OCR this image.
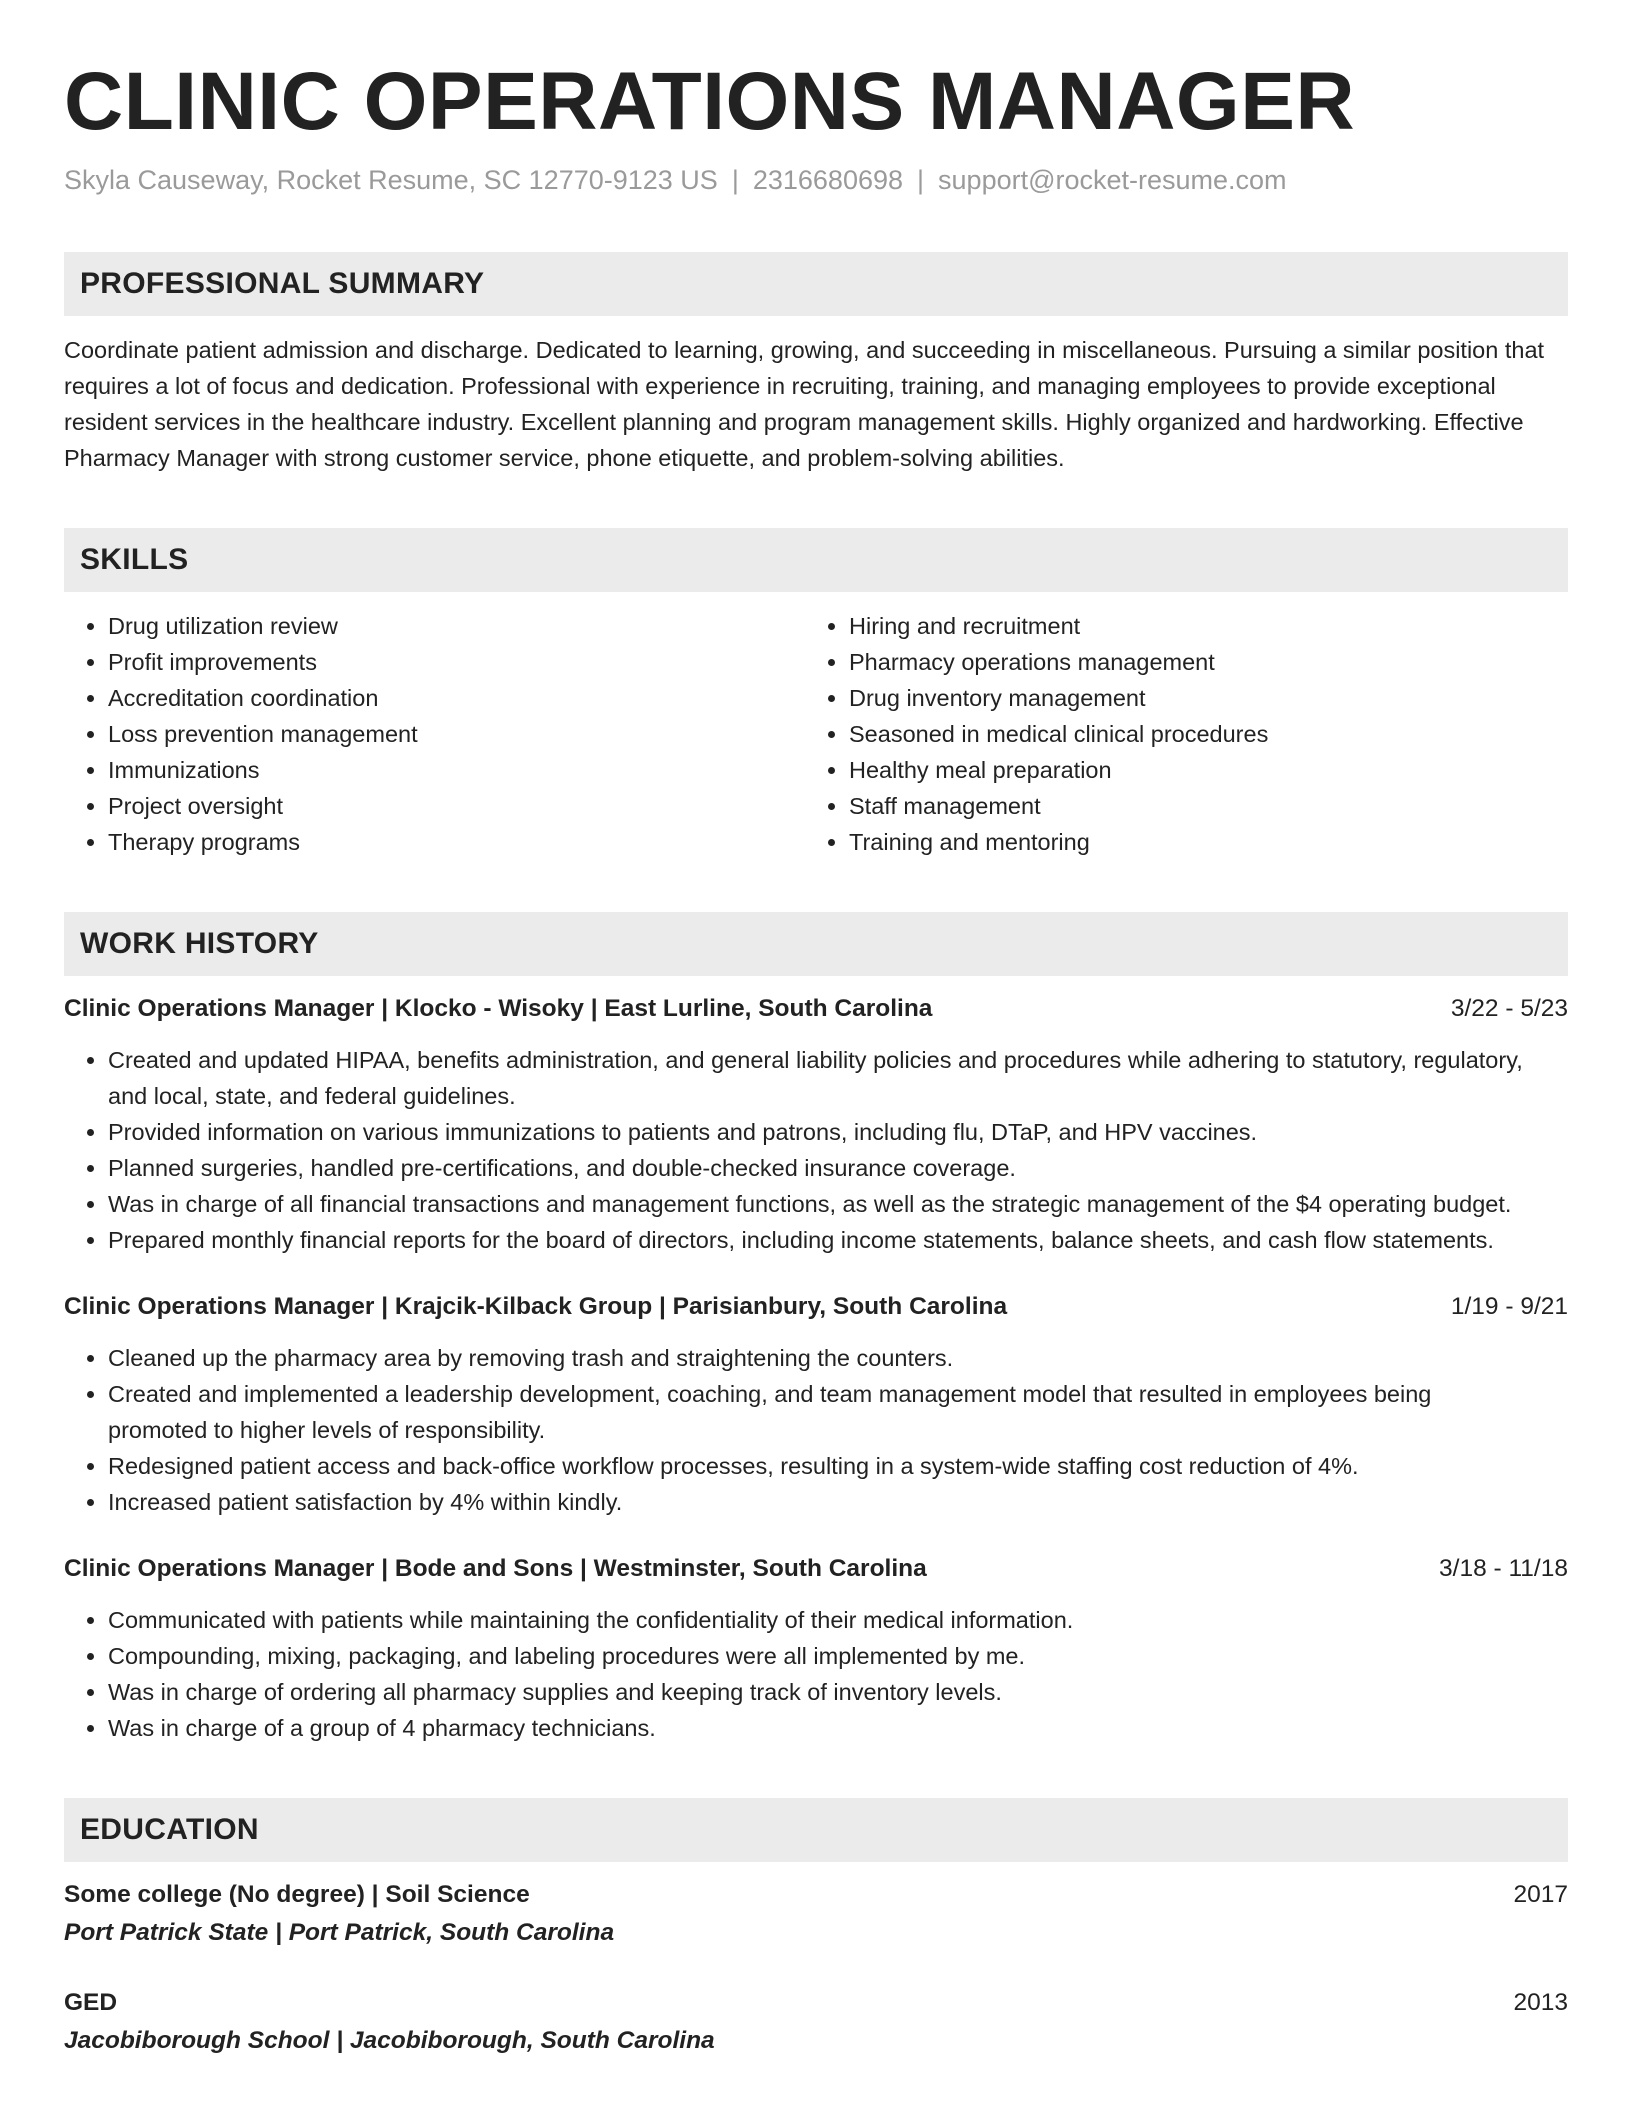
CLINIC OPERATIONS MANAGER
Skyla Causeway, Rocket Resume, SC 12770-9123 US | 2316680698 | support@rocket-resume.com
PROFESSIONAL SUMMARY
Coordinate patient admission and discharge. Dedicated to learning, growing, and succeeding in miscellaneous. Pursuing a similar position that requires a lot of focus and dedication. Professional with experience in recruiting, training, and managing employees to provide exceptional resident services in the healthcare industry. Excellent planning and program management skills. Highly organized and hardworking. Effective Pharmacy Manager with strong customer service, phone etiquette, and problem-solving abilities.
SKILLS
• Drug utilization review
• Profit improvements
• Accreditation coordination
• Loss prevention management
• Immunizations
• Project oversight
• Therapy programs
• Hiring and recruitment
• Pharmacy operations management
• Drug inventory management
• Seasoned in medical clinical procedures
• Healthy meal preparation
• Staff management
• Training and mentoring
WORK HISTORY
Clinic Operations Manager | Klocko - Wisoky | East Lurline, South Carolina	3/22 - 5/23
• Created and updated HIPAA, benefits administration, and general liability policies and procedures while adhering to statutory, regulatory, and local, state, and federal guidelines.
• Provided information on various immunizations to patients and patrons, including flu, DTaP, and HPV vaccines.
• Planned surgeries, handled pre-certifications, and double-checked insurance coverage.
• Was in charge of all financial transactions and management functions, as well as the strategic management of the $4 operating budget.
• Prepared monthly financial reports for the board of directors, including income statements, balance sheets, and cash flow statements.
Clinic Operations Manager | Krajcik-Kilback Group | Parisianbury, South Carolina	1/19 - 9/21
• Cleaned up the pharmacy area by removing trash and straightening the counters.
• Created and implemented a leadership development, coaching, and team management model that resulted in employees being promoted to higher levels of responsibility.
• Redesigned patient access and back-office workflow processes, resulting in a system-wide staffing cost reduction of 4%.
• Increased patient satisfaction by 4% within kindly.
Clinic Operations Manager | Bode and Sons | Westminster, South Carolina	3/18 - 11/18
• Communicated with patients while maintaining the confidentiality of their medical information.
• Compounding, mixing, packaging, and labeling procedures were all implemented by me.
• Was in charge of ordering all pharmacy supplies and keeping track of inventory levels.
• Was in charge of a group of 4 pharmacy technicians.
EDUCATION
Some college (No degree) | Soil Science	2017
Port Patrick State | Port Patrick, South Carolina
GED	2013
Jacobiborough School | Jacobiborough, South Carolina
